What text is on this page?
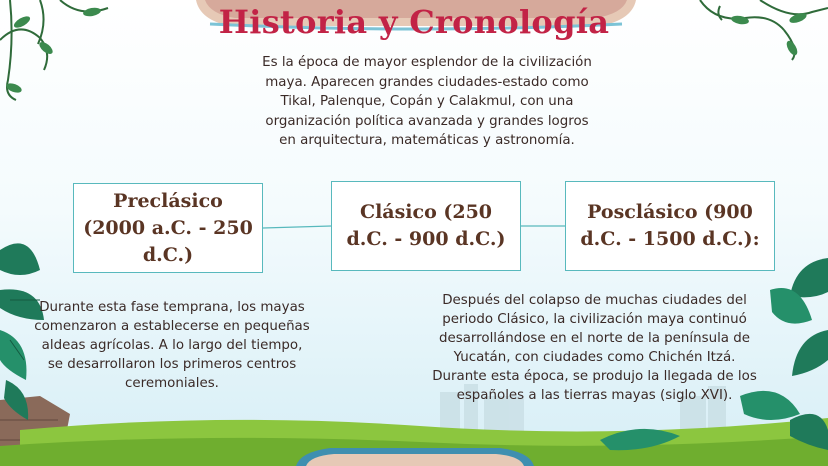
Historia y Cronología

Es la época de mayor esplendor de la civilización maya. Aparecen grandes ciudades-estado como Tikal, Palenque, Copán y Calakmul, con una organización política avanzada y grandes logros en arquitectura, matemáticas y astronomía.

Preclásico (2000 a.C. - 250 d.C.)
Clásico (250 d.C. - 900 d.C.)
Posclásico (900 d.C. - 1500 d.C.):

Durante esta fase temprana, los mayas comenzaron a establecerse en pequeñas aldeas agrícolas. A lo largo del tiempo, se desarrollaron los primeros centros ceremoniales.

Después del colapso de muchas ciudades del periodo Clásico, la civilización maya continuó desarrollándose en el norte de la península de Yucatán, con ciudades como Chichén Itzá. Durante esta época, se produjo la llegada de los españoles a las tierras mayas (siglo XVI).
